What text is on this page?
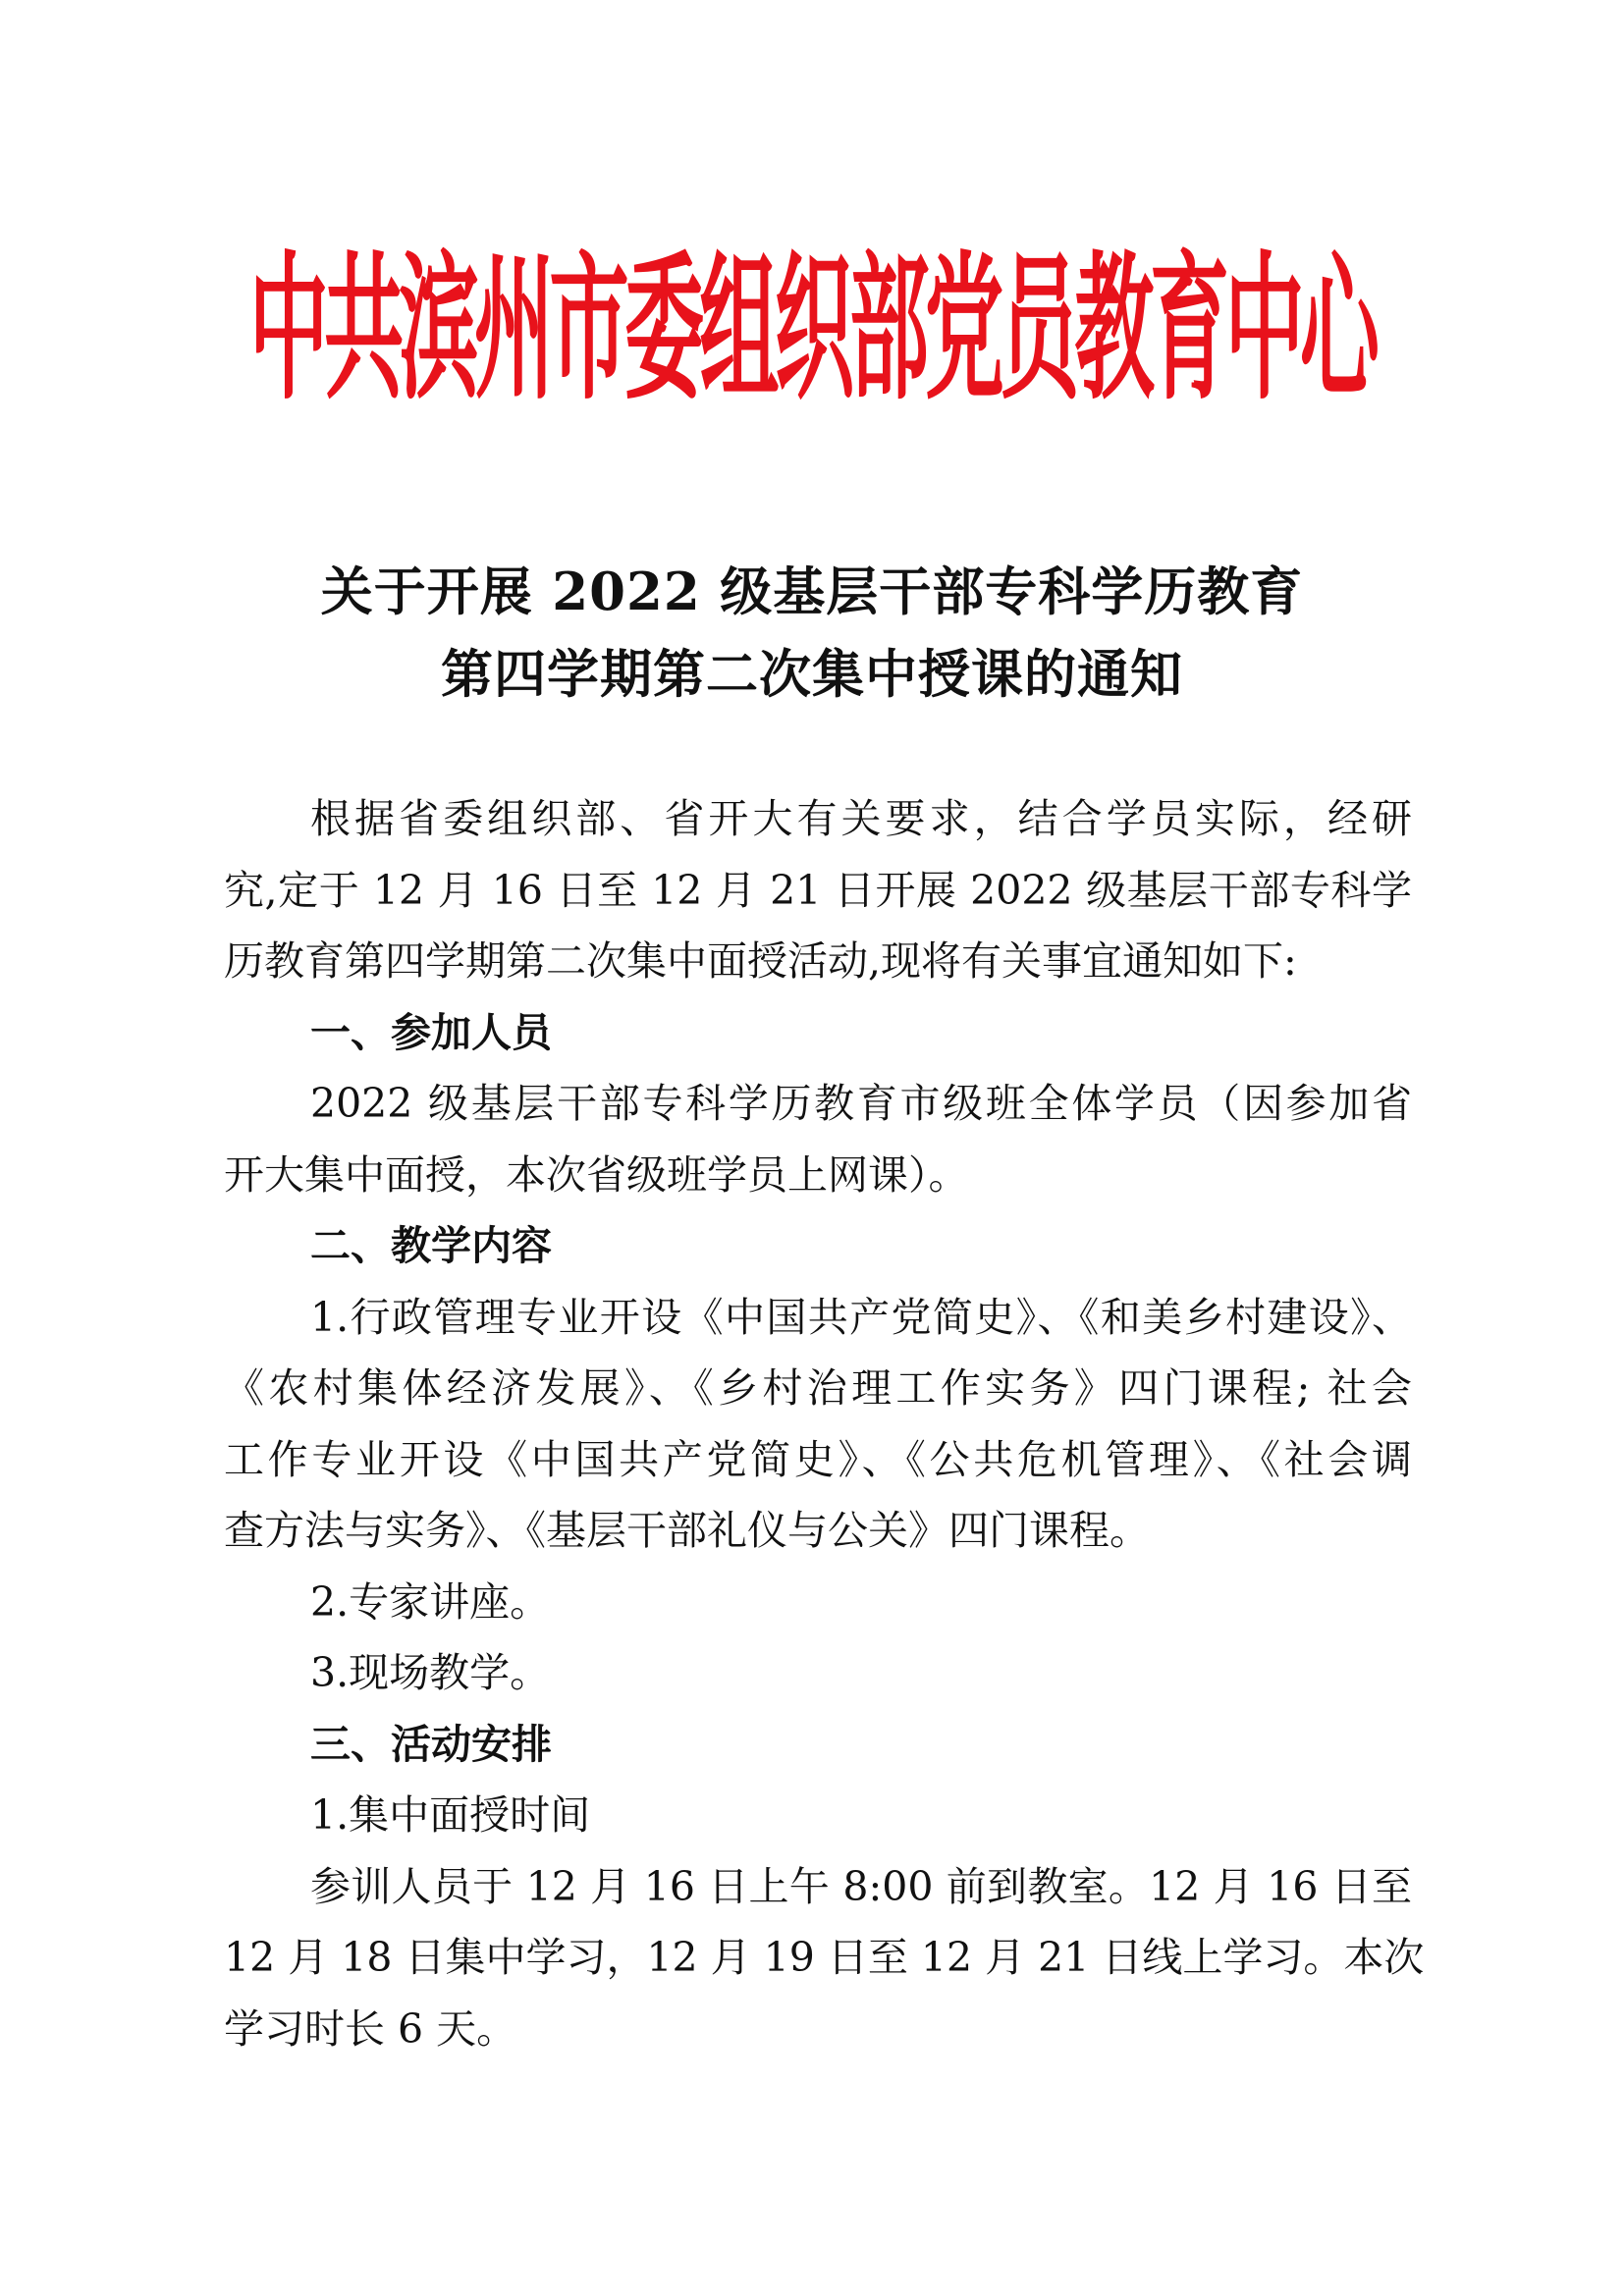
中共滨州市委组织部党员教育中心
关于开展 2022 级基层干部专科学历教育
第四学期第二次集中授课的通知
根据省委组织部、省开大有关要求，结合学员实际，经研
究,定于 12 月 16 日至 12 月 21 日开展 2022 级基层干部专科学
历教育第四学期第二次集中面授活动,现将有关事宜通知如下:
一、参加人员
2022 级基层干部专科学历教育市级班全体学员（因参加省
开大集中面授，本次省级班学员上网课）。
二、教学内容
1.行政管理专业开设《中国共产党简史》、《和美乡村建设》、
《农村集体经济发展》、《乡村治理工作实务》四门课程; 社会
工作专业开设《中国共产党简史》、《公共危机管理》、《社会调
查方法与实务》、《基层干部礼仪与公关》四门课程。
2.专家讲座。
3.现场教学。
三、活动安排
1.集中面授时间
参训人员于 12 月 16 日上午 8:00 前到教室。12 月 16 日至
12 月 18 日集中学习，12 月 19 日至 12 月 21 日线上学习。本次
学习时长 6 天。
